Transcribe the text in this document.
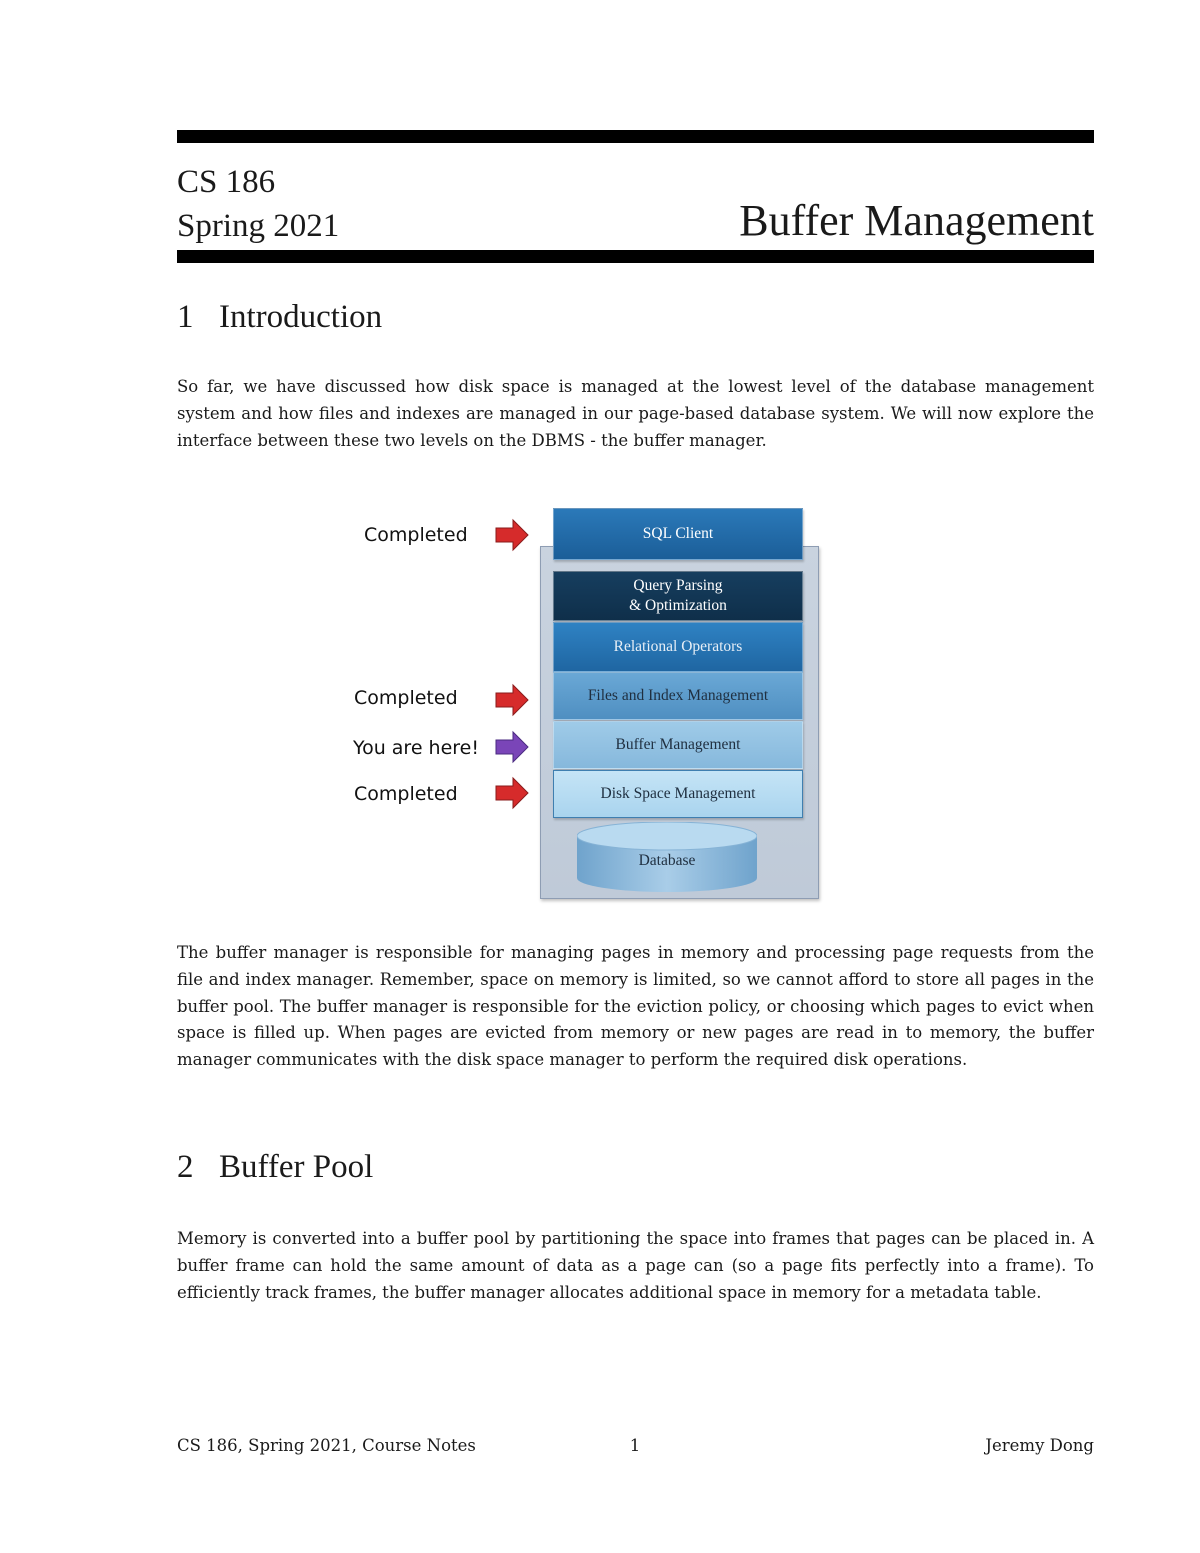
CS 186
Spring 2021	Buffer Management
1 Introduction

So far, we have discussed how disk space is managed at the lowest level of the database management system and how files and indexes are managed in our page-based database system. We will now explore the interface between these two levels on the DBMS - the buffer manager.

SQL Client
Query Parsing
& Optimization
Relational Operators
Files and Index Management
Buffer Management
Disk Space Management
Database
Completed
Completed
You are here!
Completed

The buffer manager is responsible for managing pages in memory and processing page requests from the file and index manager. Remember, space on memory is limited, so we cannot afford to store all pages in the buffer pool. The buffer manager is responsible for the eviction policy, or choosing which pages to evict when space is filled up. When pages are evicted from memory or new pages are read in to memory, the buffer manager communicates with the disk space manager to perform the required disk operations.

2 Buffer Pool

Memory is converted into a buffer pool by partitioning the space into frames that pages can be placed in. A buffer frame can hold the same amount of data as a page can (so a page fits perfectly into a frame). To efficiently track frames, the buffer manager allocates additional space in memory for a metadata table.

CS 186, Spring 2021, Course Notes	1	Jeremy Dong
